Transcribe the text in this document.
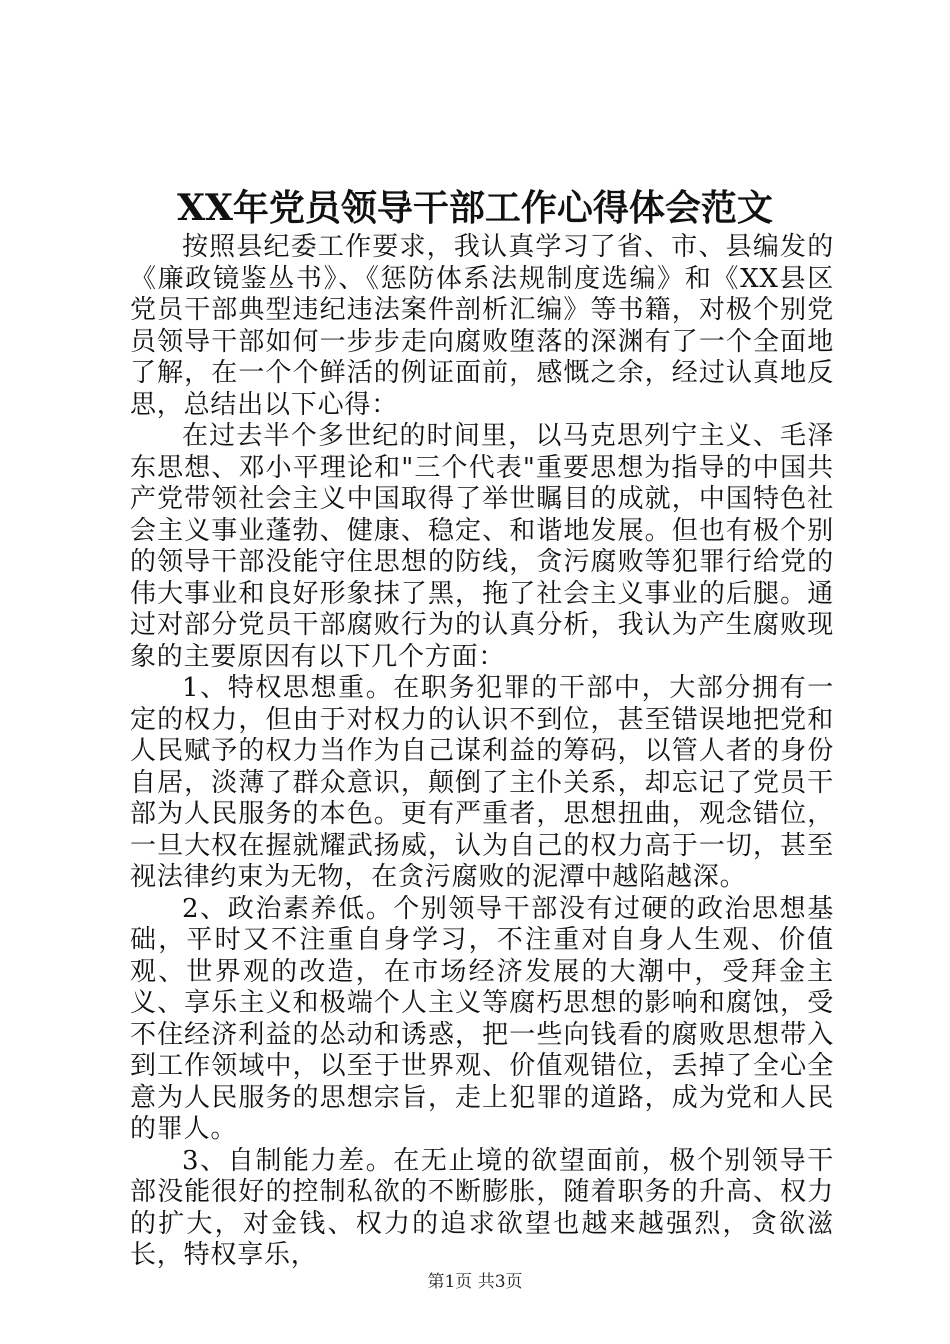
XX年党员领导干部工作心得体会范文

按照县纪委工作要求，我认真学习了省、市、县编发的《廉政镜鉴丛书》、《惩防体系法规制度选编》和《XX县区党员干部典型违纪违法案件剖析汇编》等书籍，对极个别党员领导干部如何一步步走向腐败堕落的深渊有了一个全面地了解，在一个个鲜活的例证面前，感慨之余，经过认真地反思，总结出以下心得：

在过去半个多世纪的时间里，以马克思列宁主义、毛泽东思想、邓小平理论和"三个代表"重要思想为指导的中国共产党带领社会主义中国取得了举世瞩目的成就，中国特色社会主义事业蓬勃、健康、稳定、和谐地发展。但也有极个别的领导干部没能守住思想的防线，贪污腐败等犯罪行给党的伟大事业和良好形象抹了黑，拖了社会主义事业的后腿。通过对部分党员干部腐败行为的认真分析，我认为产生腐败现象的主要原因有以下几个方面：

1、特权思想重。在职务犯罪的干部中，大部分拥有一定的权力，但由于对权力的认识不到位，甚至错误地把党和人民赋予的权力当作为自己谋利益的筹码，以管人者的身份自居，淡薄了群众意识，颠倒了主仆关系，却忘记了党员干部为人民服务的本色。更有严重者，思想扭曲，观念错位，一旦大权在握就耀武扬威，认为自己的权力高于一切，甚至视法律约束为无物，在贪污腐败的泥潭中越陷越深。

2、政治素养低。个别领导干部没有过硬的政治思想基础，平时又不注重自身学习，不注重对自身人生观、价值观、世界观的改造，在市场经济发展的大潮中，受拜金主义、享乐主义和极端个人主义等腐朽思想的影响和腐蚀，受不住经济利益的怂动和诱惑，把一些向钱看的腐败思想带入到工作领域中，以至于世界观、价值观错位，丢掉了全心全意为人民服务的思想宗旨，走上犯罪的道路，成为党和人民的罪人。

3、自制能力差。在无止境的欲望面前，极个别领导干部没能很好的控制私欲的不断膨胀，随着职务的升高、权力的扩大，对金钱、权力的追求欲望也越来越强烈，贪欲滋长，特权享乐，

第1页 共3页
